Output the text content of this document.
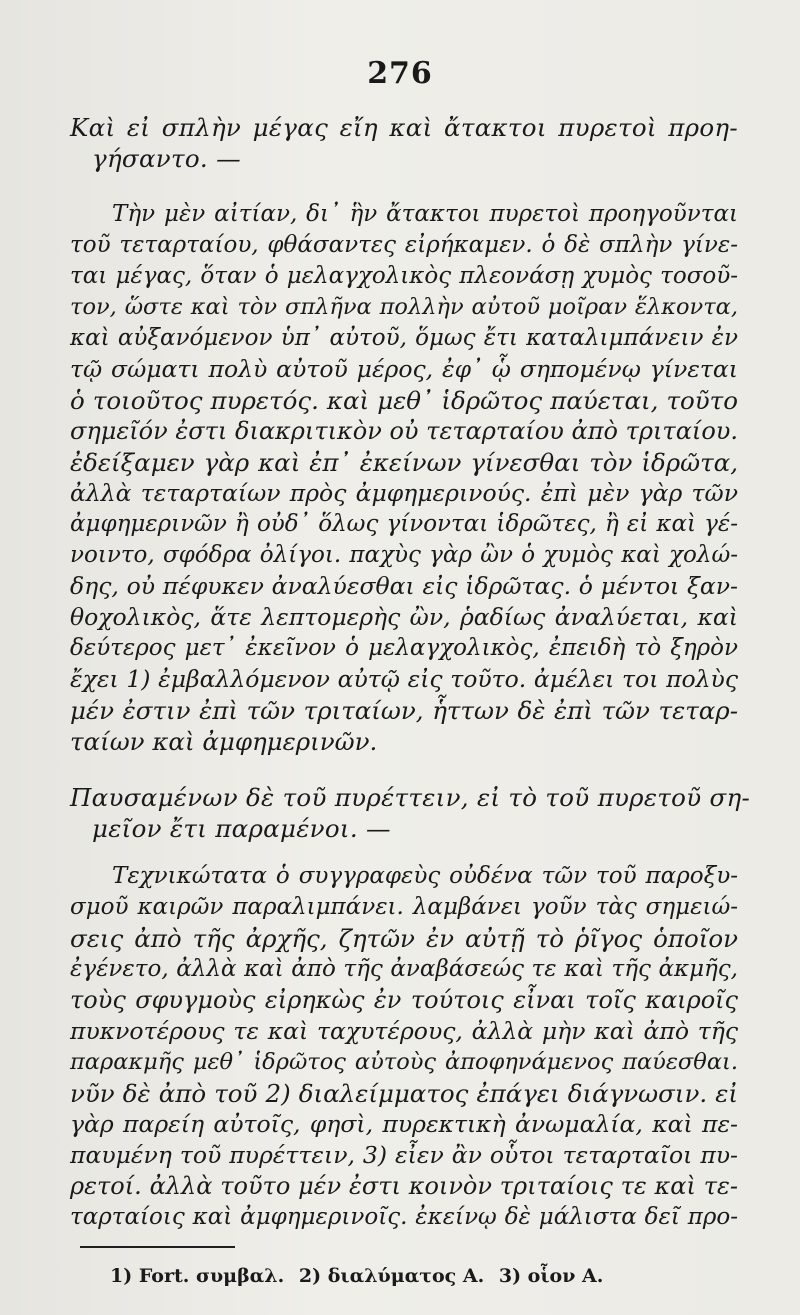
276
Καὶ εἰ σπλὴν μέγας εἴη καὶ ἄτακτοι πυρετοὶ προη-
γήσαντο. —
Τὴν μὲν αἰτίαν, δι᾽ ἣν ἄτακτοι πυρετοὶ προηγοῦνται
τοῦ τεταρταίου, φθάσαντες εἰρήκαμεν. ὁ δὲ σπλὴν γίνε-
ται μέγας, ὅταν ὁ μελαγχολικὸς πλεονάσῃ χυμὸς τοσοῦ-
τον, ὥστε καὶ τὸν σπλῆνα πολλὴν αὐτοῦ μοῖραν ἕλκοντα,
καὶ αὐξανόμενον ὑπ᾽ αὐτοῦ, ὅμως ἔτι καταλιμπάνειν ἐν
τῷ σώματι πολὺ αὐτοῦ μέρος, ἐφ᾽ ᾧ σηπομένῳ γίνεται
ὁ τοιοῦτος πυρετός. καὶ μεθ᾽ ἱδρῶτος παύεται, τοῦτο
σημεῖόν ἐστι διακριτικὸν οὐ τεταρταίου ἀπὸ τριταίου.
ἐδείξαμεν γὰρ καὶ ἐπ᾽ ἐκείνων γίνεσθαι τὸν ἱδρῶτα,
ἀλλὰ τεταρταίων πρὸς ἀμφημερινούς. ἐπὶ μὲν γὰρ τῶν
ἀμφημερινῶν ἢ οὐδ᾽ ὅλως γίνονται ἱδρῶτες, ἢ εἰ καὶ γέ-
νοιντο, σφόδρα ὀλίγοι. παχὺς γὰρ ὢν ὁ χυμὸς καὶ χολώ-
δης, οὐ πέφυκεν ἀναλύεσθαι εἰς ἱδρῶτας. ὁ μέντοι ξαν-
θοχολικὸς, ἅτε λεπτομερὴς ὢν, ῥαδίως ἀναλύεται, καὶ
δεύτερος μετ᾽ ἐκεῖνον ὁ μελαγχολικὸς, ἐπειδὴ τὸ ξηρὸν
ἔχει 1) ἐμβαλλόμενον αὐτῷ εἰς τοῦτο. ἀμέλει τοι πολὺς
μέν ἐστιν ἐπὶ τῶν τριταίων, ἧττων δὲ ἐπὶ τῶν τεταρ-
ταίων καὶ ἀμφημερινῶν.
Παυσαμένων δὲ τοῦ πυρέττειν, εἰ τὸ τοῦ πυρετοῦ ση-
μεῖον ἔτι παραμένοι. —
Τεχνικώτατα ὁ συγγραφεὺς οὐδένα τῶν τοῦ παροξυ-
σμοῦ καιρῶν παραλιμπάνει. λαμβάνει γοῦν τὰς σημειώ-
σεις ἀπὸ τῆς ἀρχῆς, ζητῶν ἐν αὐτῇ τὸ ῥῖγος ὁποῖον
ἐγένετο, ἀλλὰ καὶ ἀπὸ τῆς ἀναβάσεώς τε καὶ τῆς ἀκμῆς,
τοὺς σφυγμοὺς εἰρηκὼς ἐν τούτοις εἶναι τοῖς καιροῖς
πυκνοτέρους τε καὶ ταχυτέρους, ἀλλὰ μὴν καὶ ἀπὸ τῆς
παρακμῆς μεθ᾽ ἱδρῶτος αὐτοὺς ἀποφηνάμενος παύεσθαι.
νῦν δὲ ἀπὸ τοῦ 2) διαλείμματος ἐπάγει διάγνωσιν. εἰ
γὰρ παρείη αὐτοῖς, φησὶ, πυρεκτικὴ ἀνωμαλία, καὶ πε-
παυμένη τοῦ πυρέττειν, 3) εἶεν ἂν οὗτοι τεταρταῖοι πυ-
ρετοί. ἀλλὰ τοῦτο μέν ἐστι κοινὸν τριταίοις τε καὶ τε-
ταρταίοις καὶ ἀμφημερινοῖς. ἐκείνῳ δὲ μάλιστα δεῖ προ-
1) Fort. συμβαλ. 2) διαλύματος A. 3) οἷον A.
